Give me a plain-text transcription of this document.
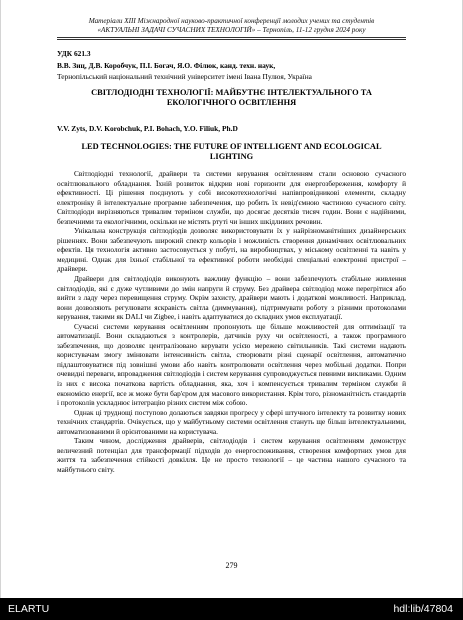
Матеріали XIII Міжнародної науково-практичної конференції молодих учених та студентів
«АКТУАЛЬНІ ЗАДАЧІ СУЧАСНИХ ТЕХНОЛОГІЙ» – Тернопіль, 11-12 грудня 2024 року
УДК 621.3
В.В. Зиц, Д.В. Коробчук, П.І. Богач, Я.О. Філюк, канд. техн. наук,
Тернопільський національний технічний університет імені Івана Пулюя, Україна
СВІТЛОДІОДНІ ТЕХНОЛОГІЇ: МАЙБУТНЄ ІНТЕЛЕКТУАЛЬНОГО ТА
ЕКОЛОГІЧНОГО ОСВІТЛЕННЯ
V.V. Zyts, D.V. Korobchuk, P.I. Bohach, Y.O. Filiuk, Ph.D
LED TECHNOLOGIES: THE FUTURE OF INTELLIGENT AND ECOLOGICAL
LIGHTING

Світлодіодні технології, драйвери та системи керування освітленням стали основою сучасного освітлювального обладнання. Їхній розвиток відкрив нові горизонти для енергозбереження, комфорту й ефективності. Ці рішення поєднують у собі високотехнологічні напівпровідникові елементи, складну електроніку й інтелектуальне програмне забезпечення, що робить їх невід'ємною частиною сучасного світу. Світлодіоди вирізняються тривалим терміном служби, що досягає десятків тисяч годин. Вони є надійними, безпечними та екологічними, оскільки не містять ртуті чи інших шкідливих речовин.

Унікальна конструкція світлодіодів дозволяє використовувати їх у найрізноманітніших дизайнерських рішеннях. Вони забезпечують широкий спектр кольорів і можливість створення динамічних освітлювальних ефектів. Ця технологія активно застосовується у побуті, на виробництвах, у міському освітленні та навіть у медицині. Однак для їхньої стабільної та ефективної роботи необхідні спеціальні електронні пристрої – драйвери.

Драйвери для світлодіодів виконують важливу функцію – вони забезпечують стабільне живлення світлодіодів, які є дуже чутливими до змін напруги й струму. Без драйвера світлодіод може перегрітися або вийти з ладу через перевищення струму. Окрім захисту, драйвери мають і додаткові можливості. Наприклад, вони дозволяють регулювати яскравість світла (диммування), підтримувати роботу з різними протоколами керування, такими як DALI чи Zigbee, і навіть адаптуватися до складних умов експлуатації.

Сучасні системи керування освітленням пропонують ще більше можливостей для оптимізації та автоматизації. Вони складаються з контролерів, датчиків руху чи освітленості, а також програмного забезпечення, що дозволяє централізовано керувати усією мережею світильників. Такі системи надають користувачам змогу змінювати інтенсивність світла, створювати різні сценарії освітлення, автоматично підлаштовуватися під зовнішні умови або навіть контролювати освітлення через мобільні додатки. Попри очевидні переваги, впровадження світлодіодів і систем керування супроводжується певними викликами. Одним із них є висока початкова вартість обладнання, яка, хоч і компенсується тривалим терміном служби й економією енергії, все ж може бути бар'єром для масового використання. Крім того, різноманітність стандартів і протоколів ускладнює інтеграцію різних систем між собою.

Однак ці труднощі поступово долаються завдяки прогресу у сфері штучного інтелекту та розвитку нових технічних стандартів. Очікується, що у майбутньому системи освітлення стануть ще більш інтелектуальними, автоматизованими й орієнтованими на користувача.

Таким чином, дослідження драйверів, світлодіодів і систем керування освітленням демонструє величезний потенціал для трансформації підходів до енергоспоживання, створення комфортних умов для життя та забезпечення стійкості довкілля. Це не просто технології – це частина нашого сучасного та майбутнього світу.

279
ELARTU	hdl:lib/47804
